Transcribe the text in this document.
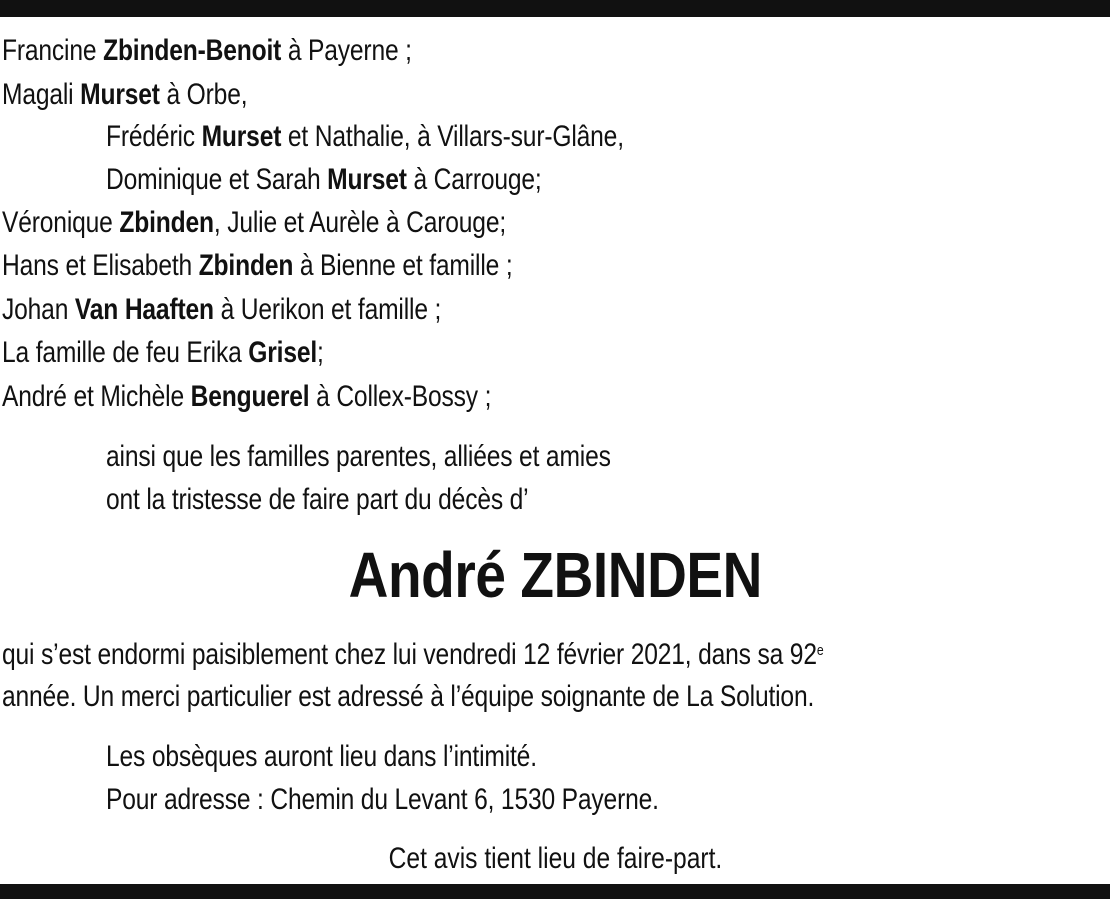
Francine Zbinden-Benoit à Payerne ;
Magali Murset à Orbe,
Frédéric Murset et Nathalie, à Villars-sur-Glâne,
Dominique et Sarah Murset à Carrouge;
Véronique Zbinden, Julie et Aurèle à Carouge;
Hans et Elisabeth Zbinden à Bienne et famille ;
Johan Van Haaften à Uerikon et famille ;
La famille de feu Erika Grisel;
André et Michèle Benguerel à Collex-Bossy ;
ainsi que les familles parentes, alliées et amies
ont la tristesse de faire part du décès d’
André ZBINDEN
qui s’est endormi paisiblement chez lui vendredi 12 février 2021, dans sa 92e
année. Un merci particulier est adressé à l’équipe soignante de La Solution.
Les obsèques auront lieu dans l’intimité.
Pour adresse : Chemin du Levant 6, 1530 Payerne.
Cet avis tient lieu de faire-part.
